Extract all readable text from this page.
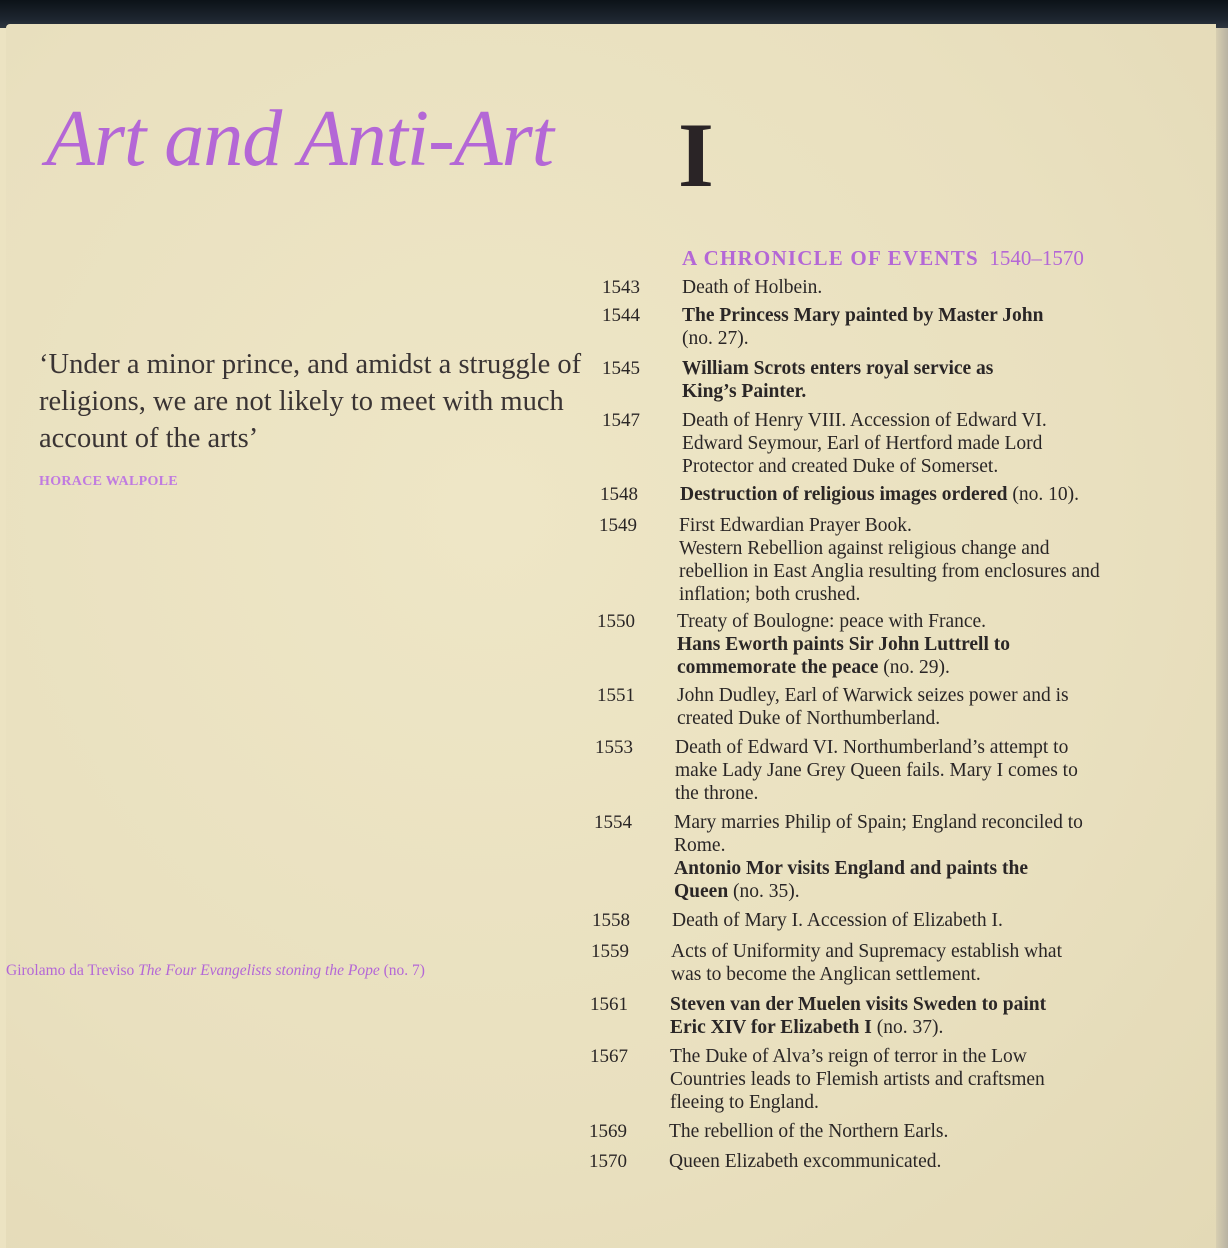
Art and Anti-Art I
A CHRONICLE OF EVENTS 1540–1570
‘Under a minor prince, and amidst a struggle of religions, we are not likely to meet with much account of the arts’
HORACE WALPOLE
Girolamo da Treviso The Four Evangelists stoning the Pope (no. 7)
1543	Death of Holbein.
1544	The Princess Mary painted by Master John
(no. 27).
1545	William Scrots enters royal service as
King’s Painter.
1547	Death of Henry VIII. Accession of Edward VI.
Edward Seymour, Earl of Hertford made Lord
Protector and created Duke of Somerset.
1548	Destruction of religious images ordered (no. 10).
1549	First Edwardian Prayer Book.
Western Rebellion against religious change and
rebellion in East Anglia resulting from enclosures and
inflation; both crushed.
1550	Treaty of Boulogne: peace with France.
Hans Eworth paints Sir John Luttrell to
commemorate the peace (no. 29).
1551	John Dudley, Earl of Warwick seizes power and is
created Duke of Northumberland.
1553	Death of Edward VI. Northumberland’s attempt to
make Lady Jane Grey Queen fails. Mary I comes to
the throne.
1554	Mary marries Philip of Spain; England reconciled to
Rome.
Antonio Mor visits England and paints the
Queen (no. 35).
1558	Death of Mary I. Accession of Elizabeth I.
1559	Acts of Uniformity and Supremacy establish what
was to become the Anglican settlement.
1561	Steven van der Muelen visits Sweden to paint
Eric XIV for Elizabeth I (no. 37).
1567	The Duke of Alva’s reign of terror in the Low
Countries leads to Flemish artists and craftsmen
fleeing to England.
1569	The rebellion of the Northern Earls.
1570	Queen Elizabeth excommunicated.
